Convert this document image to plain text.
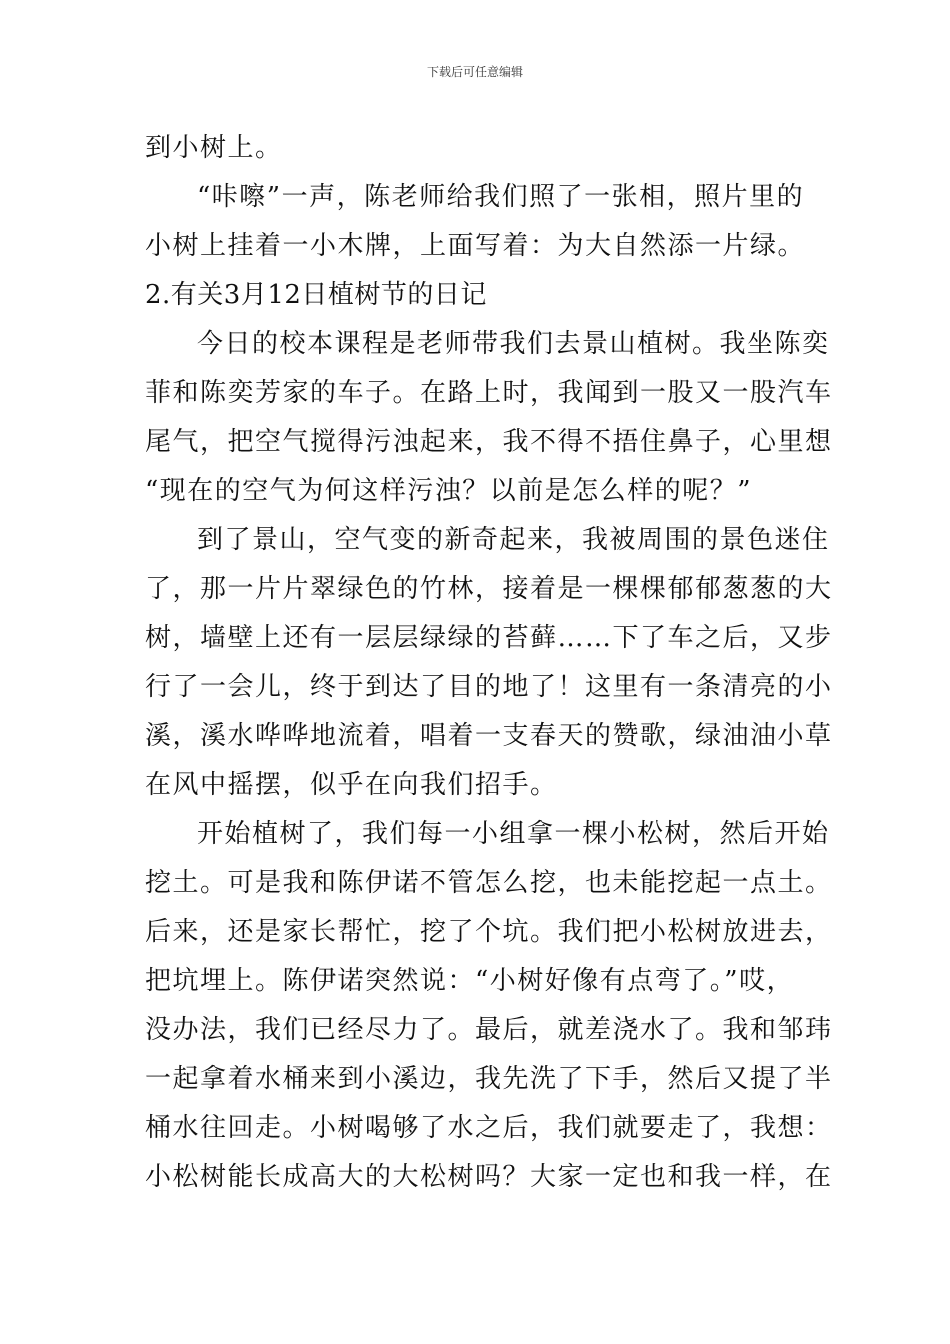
下载后可任意编辑
到小树上。
“咔嚓”一声，陈老师给我们照了一张相，照片里的
小树上挂着一小木牌，上面写着：为大自然添一片绿。
2.有关3月12日植树节的日记
今日的校本课程是老师带我们去景山植树。我坐陈奕
菲和陈奕芳家的车子。在路上时，我闻到一股又一股汽车
尾气，把空气搅得污浊起来，我不得不捂住鼻子，心里想
“现在的空气为何这样污浊？以前是怎么样的呢？”
到了景山，空气变的新奇起来，我被周围的景色迷住
了，那一片片翠绿色的竹林，接着是一棵棵郁郁葱葱的大
树，墙壁上还有一层层绿绿的苔藓……下了车之后，又步
行了一会儿，终于到达了目的地了！这里有一条清亮的小
溪，溪水哗哗地流着，唱着一支春天的赞歌，绿油油小草
在风中摇摆，似乎在向我们招手。
开始植树了，我们每一小组拿一棵小松树，然后开始
挖土。可是我和陈伊诺不管怎么挖，也未能挖起一点土。
后来，还是家长帮忙，挖了个坑。我们把小松树放进去，
把坑埋上。陈伊诺突然说：“小树好像有点弯了。”哎，
没办法，我们已经尽力了。最后，就差浇水了。我和邹玮
一起拿着水桶来到小溪边，我先洗了下手，然后又提了半
桶水往回走。小树喝够了水之后，我们就要走了，我想：
小松树能长成高大的大松树吗？大家一定也和我一样，在
